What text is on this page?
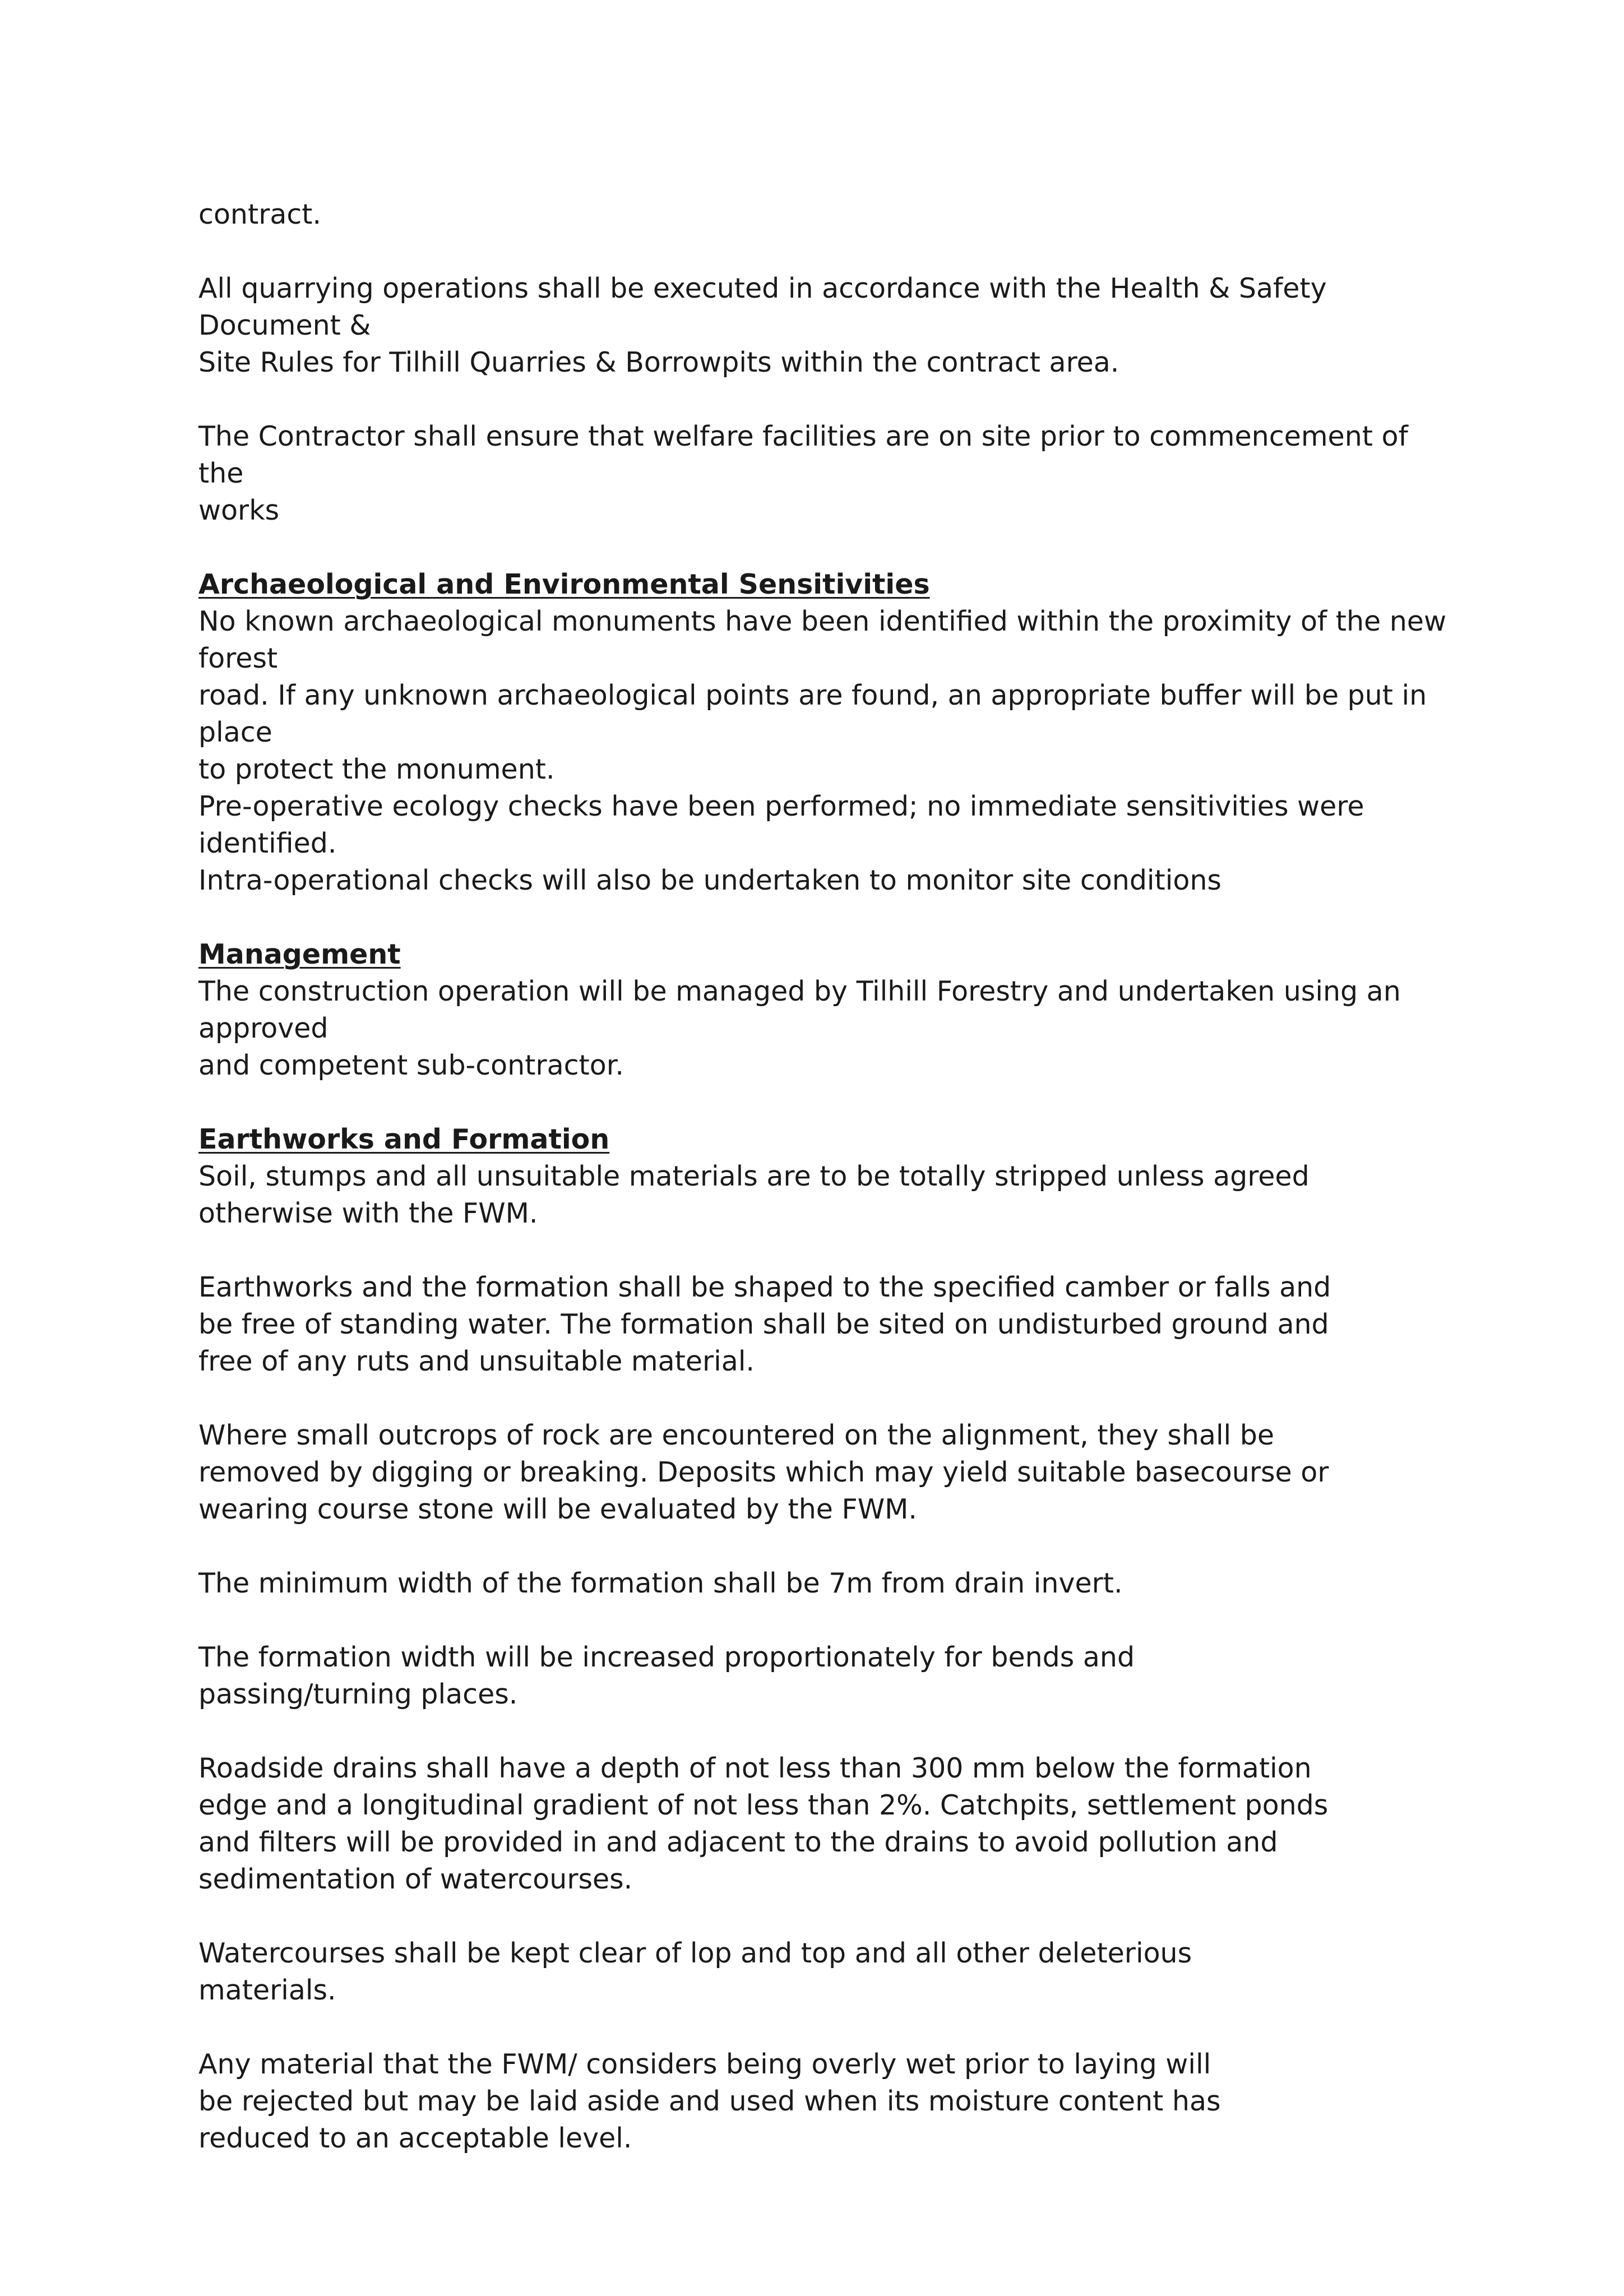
contract.

All quarrying operations shall be executed in accordance with the Health & Safety Document &
Site Rules for Tilhill Quarries & Borrowpits within the contract area.

The Contractor shall ensure that welfare facilities are on site prior to commencement of the
works

Archaeological and Environmental Sensitivities

No known archaeological monuments have been identified within the proximity of the new forest
road. If any unknown archaeological points are found, an appropriate buffer will be put in place
to protect the monument.

Pre-operative ecology checks have been performed; no immediate sensitivities were identified.
Intra-operational checks will also be undertaken to monitor site conditions

Management

The construction operation will be managed by Tilhill Forestry and undertaken using an approved
and competent sub-contractor.

Earthworks and Formation

Soil, stumps and all unsuitable materials are to be totally stripped unless agreed
otherwise with the FWM.

Earthworks and the formation shall be shaped to the specified camber or falls and
be free of standing water. The formation shall be sited on undisturbed ground and
free of any ruts and unsuitable material.

Where small outcrops of rock are encountered on the alignment, they shall be
removed by digging or breaking. Deposits which may yield suitable basecourse or
wearing course stone will be evaluated by the FWM.

The minimum width of the formation shall be 7m from drain invert.

The formation width will be increased proportionately for bends and
passing/turning places.

Roadside drains shall have a depth of not less than 300 mm below the formation
edge and a longitudinal gradient of not less than 2%. Catchpits, settlement ponds
and filters will be provided in and adjacent to the drains to avoid pollution and
sedimentation of watercourses.

Watercourses shall be kept clear of lop and top and all other deleterious
materials.

Any material that the FWM/ considers being overly wet prior to laying will
be rejected but may be laid aside and used when its moisture content has
reduced to an acceptable level.
